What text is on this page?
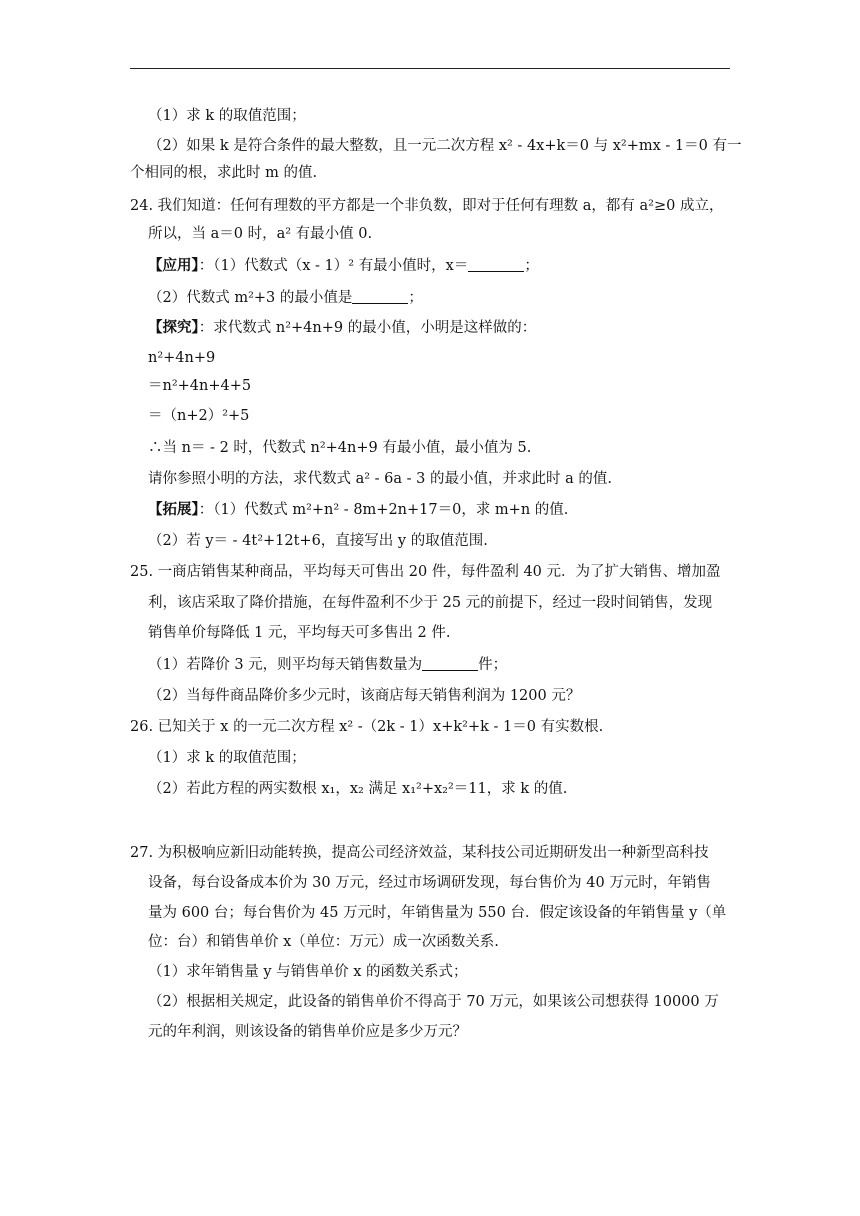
（1）求 k 的取值范围；
（2）如果 k 是符合条件的最大整数，且一元二次方程 x² ‐ 4x+k＝0 与 x²+mx ‐ 1＝0 有一
个相同的根，求此时 m 的值.
24. 我们知道：任何有理数的平方都是一个非负数，即对于任何有理数 a，都有 a²≥0 成立，
所以，当 a＝0 时，a² 有最小值 0.
【应用】：（1）代数式（x ‐ 1）² 有最小值时，x＝	；
（2）代数式 m²+3 的最小值是	；
【探究】：求代数式 n²+4n+9 的最小值，小明是这样做的：
n²+4n+9
＝n²+4n+4+5
＝（n+2）²+5
∴当 n＝ ‐ 2 时，代数式 n²+4n+9 有最小值，最小值为 5.
请你参照小明的方法，求代数式 a² ‐ 6a ‐ 3 的最小值，并求此时 a 的值.
【拓展】：（1）代数式 m²+n² ‐ 8m+2n+17＝0，求 m+n 的值.
（2）若 y＝ ‐ 4t²+12t+6，直接写出 y 的取值范围.
25. 一商店销售某种商品，平均每天可售出 20 件，每件盈利 40 元．为了扩大销售、增加盈
利，该店采取了降价措施，在每件盈利不少于 25 元的前提下，经过一段时间销售，发现
销售单价每降低 1 元，平均每天可多售出 2 件.
（1）若降价 3 元，则平均每天销售数量为	件；
（2）当每件商品降价多少元时，该商店每天销售利润为 1200 元？
26. 已知关于 x 的一元二次方程 x² ‐（2k ‐ 1）x+k²+k ‐ 1＝0 有实数根.
（1）求 k 的取值范围；
（2）若此方程的两实数根 x₁，x₂ 满足 x₁²+x₂²＝11，求 k 的值.
27. 为积极响应新旧动能转换，提高公司经济效益，某科技公司近期研发出一种新型高科技
设备，每台设备成本价为 30 万元，经过市场调研发现，每台售价为 40 万元时，年销售
量为 600 台；每台售价为 45 万元时，年销售量为 550 台．假定该设备的年销售量 y（单
位：台）和销售单价 x（单位：万元）成一次函数关系.
（1）求年销售量 y 与销售单价 x 的函数关系式；
（2）根据相关规定，此设备的销售单价不得高于 70 万元，如果该公司想获得 10000 万
元的年利润，则该设备的销售单价应是多少万元？
